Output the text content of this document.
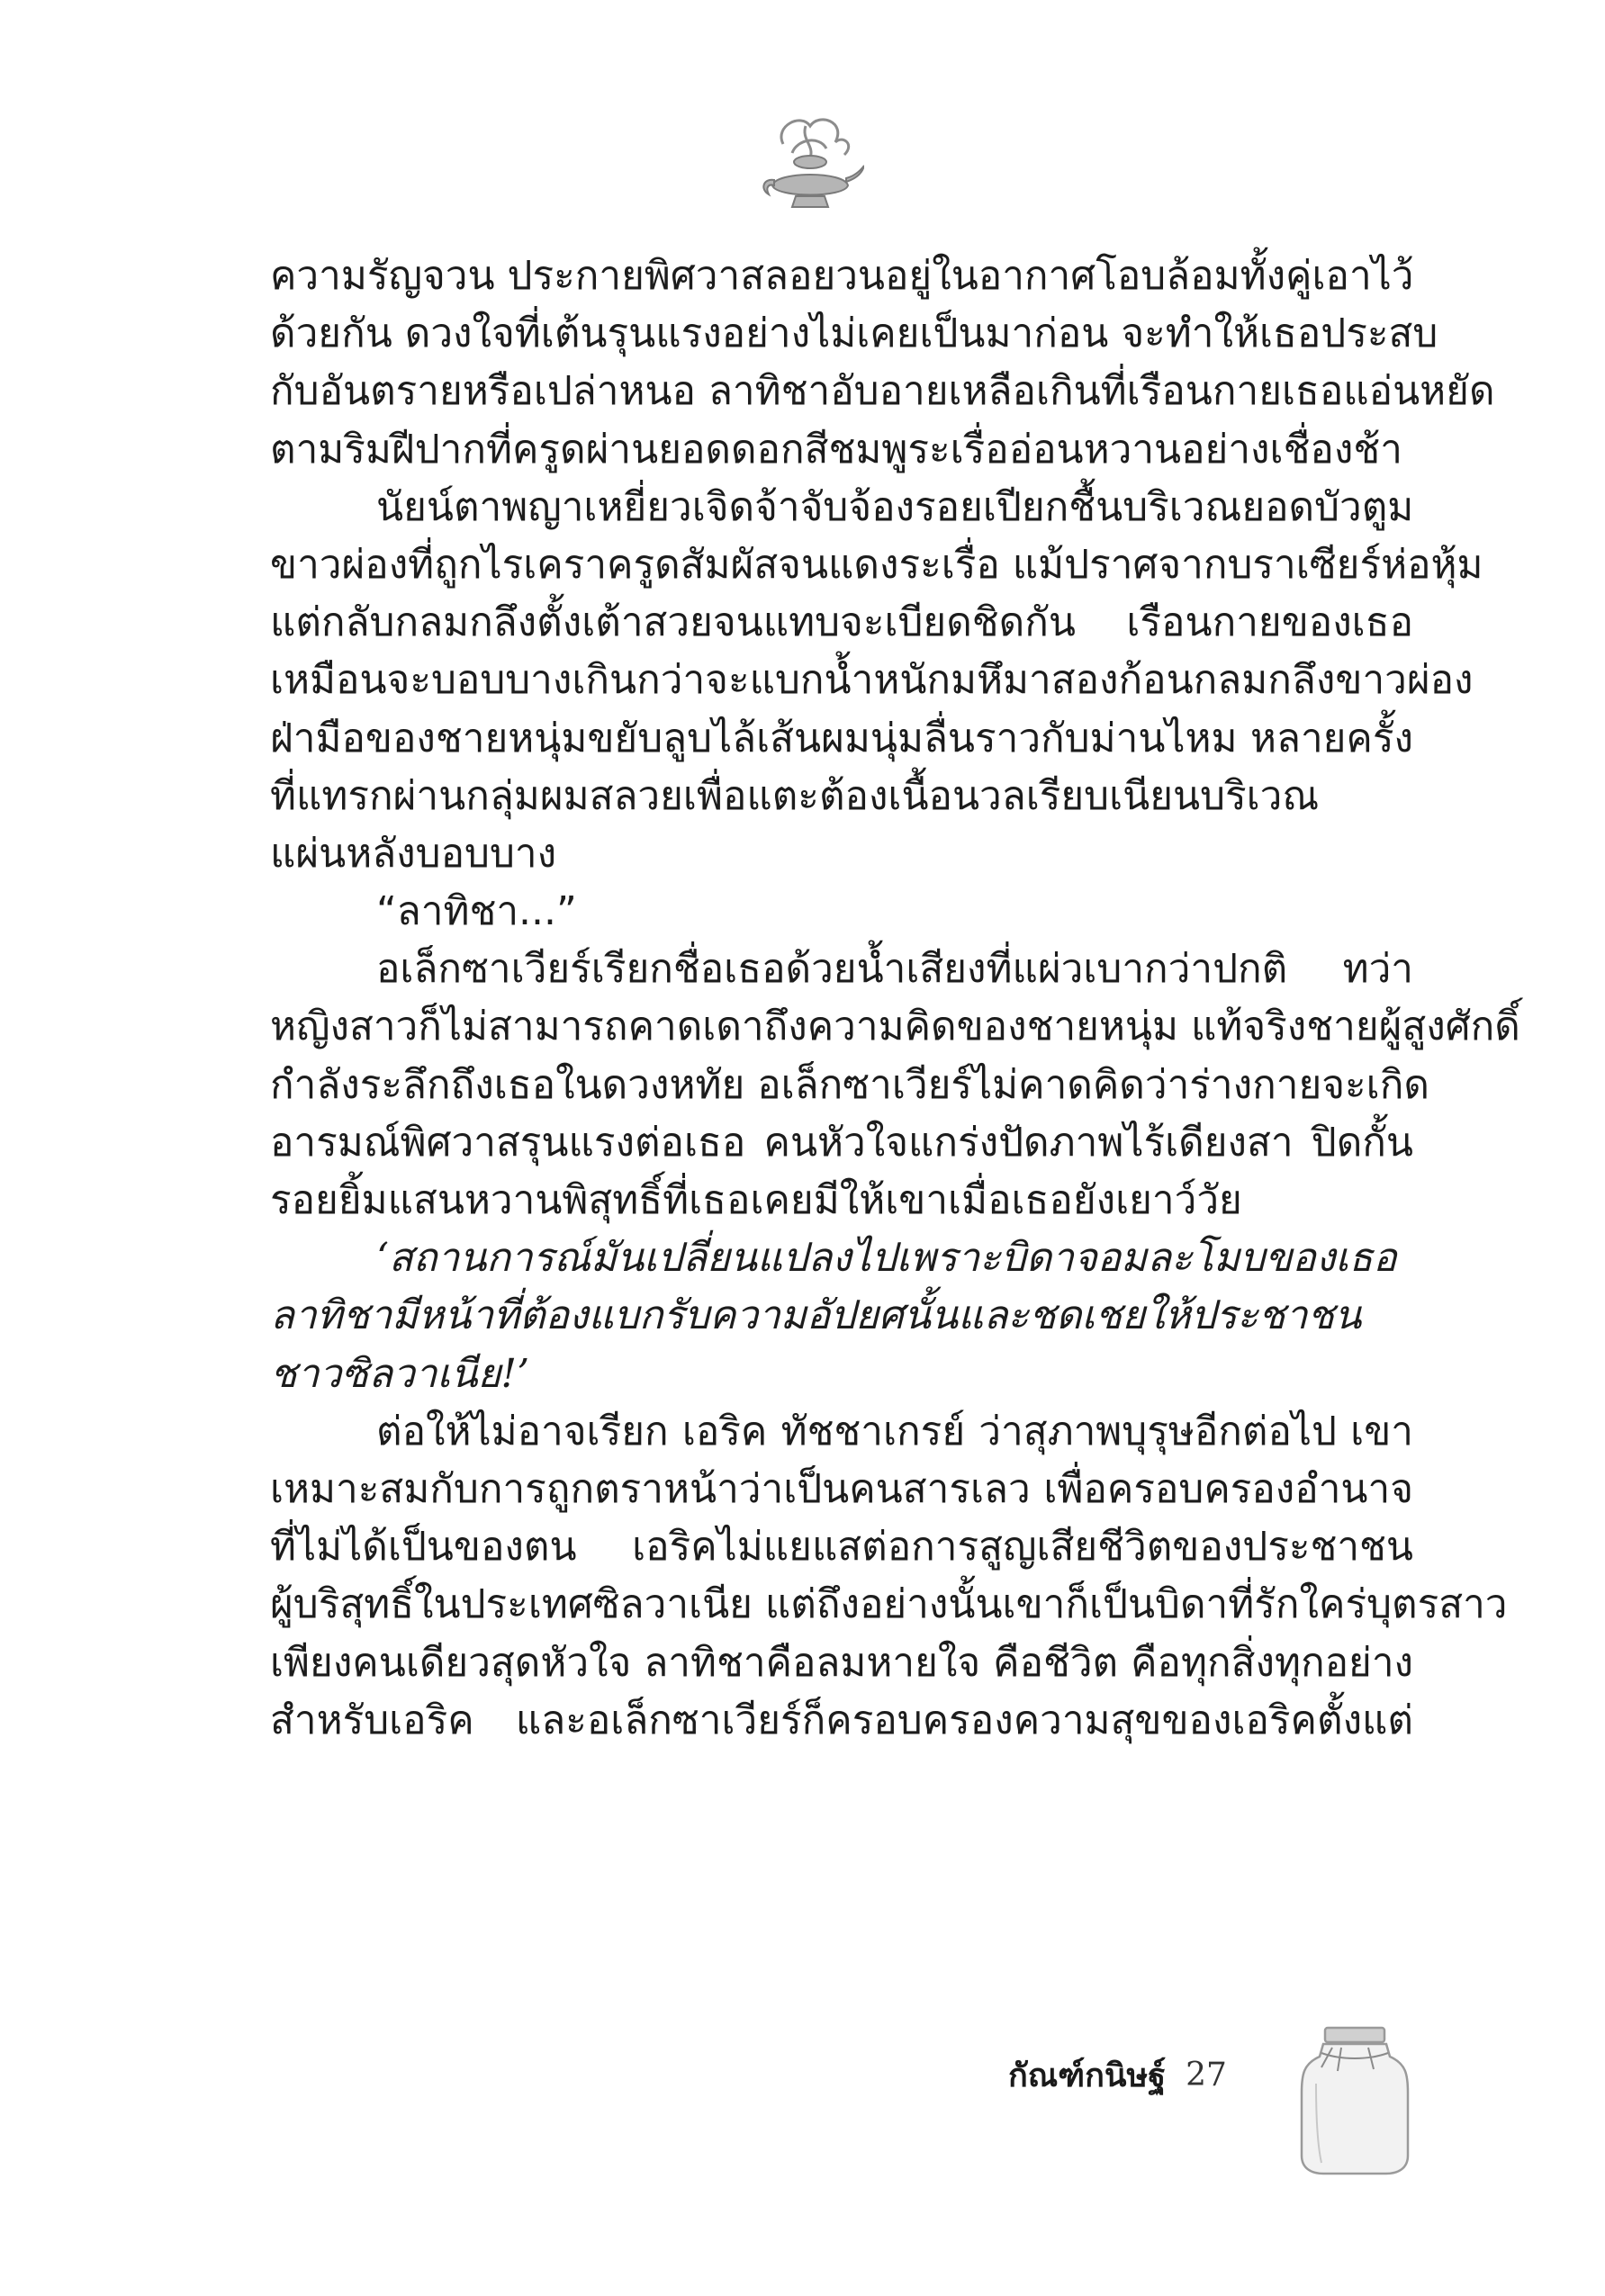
ความรัญจวน ประกายพิศวาสลอยวนอยู่ในอากาศโอบล้อมทั้งคู่เอาไว้
ด้วยกัน ดวงใจที่เต้นรุนแรงอย่างไม่เคยเป็นมาก่อน จะทำให้เธอประสบ
กับอันตรายหรือเปล่าหนอ ลาทิชาอับอายเหลือเกินที่เรือนกายเธอแอ่นหยัด
ตามริมฝีปากที่ครูดผ่านยอดดอกสีชมพูระเรื่ออ่อนหวานอย่างเชื่องช้า
นัยน์ตาพญาเหยี่ยวเจิดจ้าจับจ้องรอยเปียกชื้นบริเวณยอดบัวตูม
ขาวผ่องที่ถูกไรเคราครูดสัมผัสจนแดงระเรื่อ แม้ปราศจากบราเซียร์ห่อหุ้ม
แต่กลับกลมกลึงตั้งเต้าสวยจนแทบจะเบียดชิดกัน เรือนกายของเธอ
เหมือนจะบอบบางเกินกว่าจะแบกน้ำหนักมหึมาสองก้อนกลมกลึงขาวผ่อง
ฝ่ามือของชายหนุ่มขยับลูบไล้เส้นผมนุ่มลื่นราวกับม่านไหม หลายครั้ง
ที่แทรกผ่านกลุ่มผมสลวยเพื่อแตะต้องเนื้อนวลเรียบเนียนบริเวณ
แผ่นหลังบอบบาง
“ลาทิชา...”
อเล็กซาเวียร์เรียกชื่อเธอด้วยน้ำเสียงที่แผ่วเบากว่าปกติ ทว่า
หญิงสาวก็ไม่สามารถคาดเดาถึงความคิดของชายหนุ่ม แท้จริงชายผู้สูงศักดิ์
กำลังระลึกถึงเธอในดวงหทัย อเล็กซาเวียร์ไม่คาดคิดว่าร่างกายจะเกิด
อารมณ์พิศวาสรุนแรงต่อเธอ คนหัวใจแกร่งปัดภาพไร้เดียงสา ปิดกั้น
รอยยิ้มแสนหวานพิสุทธิ์ที่เธอเคยมีให้เขาเมื่อเธอยังเยาว์วัย
‘สถานการณ์มันเปลี่ยนแปลงไปเพราะบิดาจอมละโมบของเธอ
ลาทิชามีหน้าที่ต้องแบกรับความอัปยศนั้นและชดเชยให้ประชาชน
ชาวซิลวาเนีย!’
ต่อให้ไม่อาจเรียก เอริค ทัชชาเกรย์ ว่าสุภาพบุรุษอีกต่อไป เขา
เหมาะสมกับการถูกตราหน้าว่าเป็นคนสารเลว เพื่อครอบครองอำนาจ
ที่ไม่ได้เป็นของตน เอริคไม่แยแสต่อการสูญเสียชีวิตของประชาชน
ผู้บริสุทธิ์ในประเทศซิลวาเนีย แต่ถึงอย่างนั้นเขาก็เป็นบิดาที่รักใคร่บุตรสาว
เพียงคนเดียวสุดหัวใจ ลาทิชาคือลมหายใจ คือชีวิต คือทุกสิ่งทุกอย่าง
สำหรับเอริค และอเล็กซาเวียร์ก็ครอบครองความสุขของเอริคตั้งแต่
กัณฑ์กนิษฐ์ 27
